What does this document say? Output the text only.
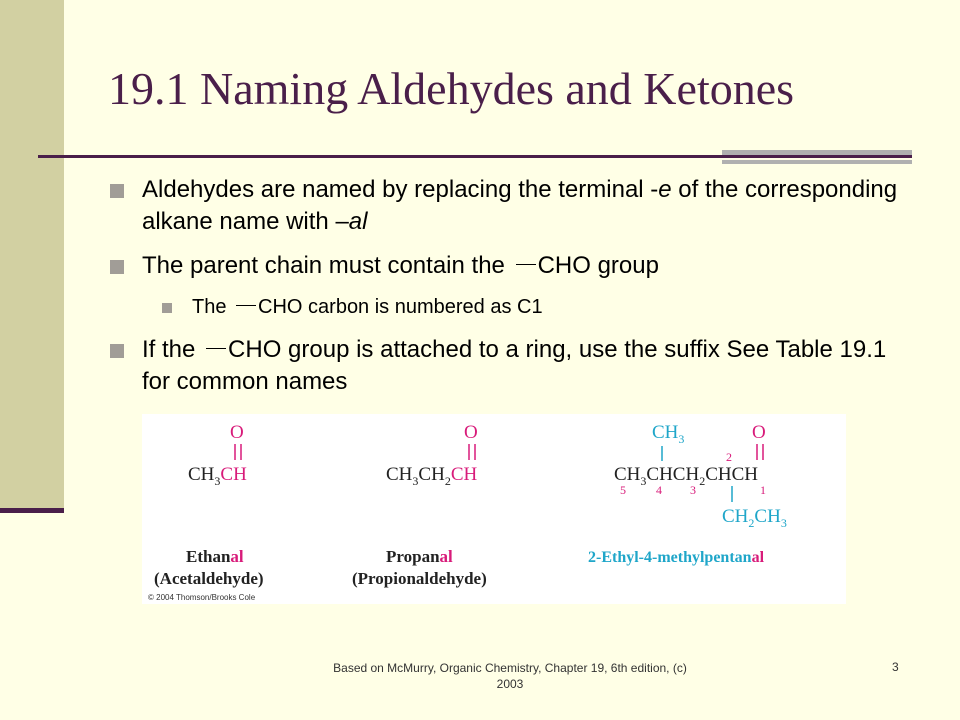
19.1 Naming Aldehydes and Ketones
Aldehydes are named by replacing the terminal -e of the corresponding alkane name with –al
The parent chain must contain the CHO group
The CHO carbon is numbered as C1
If the CHO group is attached to a ring, use the suffix See Table 19.1 for common names
O
$CH_3CH$
Ethanal
(Acetaldehyde)
O
$CH_3CH_2CH$
Propanal
(Propionaldehyde)
$CH_3$	O
2
$CH_3CHCH_2CHCH$
5	4 3	1
$CH_2CH_3$
2-Ethyl-4-methylpentanal
© 2004 Thomson/Brooks Cole
Based on McMurry, Organic Chemistry, Chapter 19, 6th edition, (c) 2003
3
